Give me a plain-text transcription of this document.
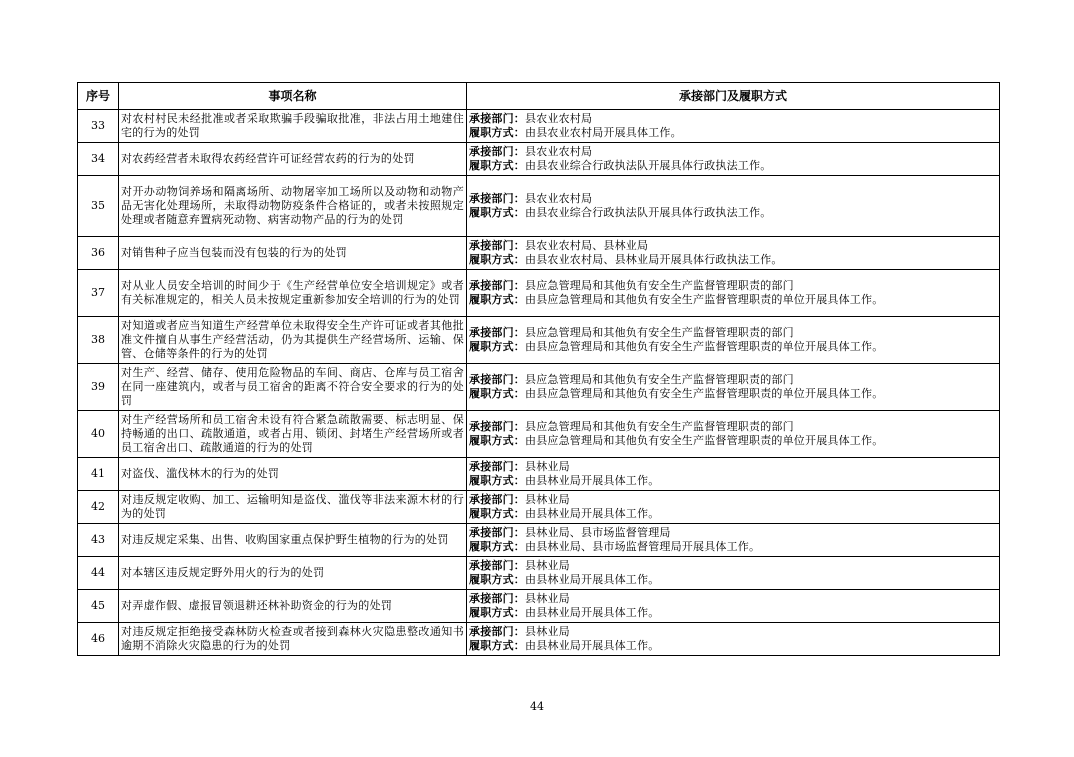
序号	事项名称	承接部门及履职方式
33	对农村村民未经批准或者采取欺骗手段骗取批准，非法占用土地建住宅的行为的处罚	承接部门：县农业农村局
履职方式：由县农业农村局开展具体工作。

34	对农药经营者未取得农药经营许可证经营农药的行为的处罚	承接部门：县农业农村局
履职方式：由县农业综合行政执法队开展具体行政执法工作。

35	对开办动物饲养场和隔离场所、动物屠宰加工场所以及动物和动物产品无害化处理场所，未取得动物防疫条件合格证的，或者未按照规定处理或者随意弃置病死动物、病害动物产品的行为的处罚	承接部门：县农业农村局
履职方式：由县农业综合行政执法队开展具体行政执法工作。

36	对销售种子应当包装而没有包装的行为的处罚	承接部门：县农业农村局、县林业局
履职方式：由县农业农村局、县林业局开展具体行政执法工作。

37	对从业人员安全培训的时间少于《生产经营单位安全培训规定》或者有关标准规定的，相关人员未按规定重新参加安全培训的行为的处罚	承接部门：县应急管理局和其他负有安全生产监督管理职责的部门
履职方式：由县应急管理局和其他负有安全生产监督管理职责的单位开展具体工作。

38	对知道或者应当知道生产经营单位未取得安全生产许可证或者其他批准文件擅自从事生产经营活动，仍为其提供生产经营场所、运输、保管、仓储等条件的行为的处罚	承接部门：县应急管理局和其他负有安全生产监督管理职责的部门
履职方式：由县应急管理局和其他负有安全生产监督管理职责的单位开展具体工作。

39	对生产、经营、储存、使用危险物品的车间、商店、仓库与员工宿舍在同一座建筑内，或者与员工宿舍的距离不符合安全要求的行为的处罚	承接部门：县应急管理局和其他负有安全生产监督管理职责的部门
履职方式：由县应急管理局和其他负有安全生产监督管理职责的单位开展具体工作。

40	对生产经营场所和员工宿舍未设有符合紧急疏散需要、标志明显、保持畅通的出口、疏散通道，或者占用、锁闭、封堵生产经营场所或者员工宿舍出口、疏散通道的行为的处罚	承接部门：县应急管理局和其他负有安全生产监督管理职责的部门
履职方式：由县应急管理局和其他负有安全生产监督管理职责的单位开展具体工作。

41	对盗伐、滥伐林木的行为的处罚	承接部门：县林业局
履职方式：由县林业局开展具体工作。

42	对违反规定收购、加工、运输明知是盗伐、滥伐等非法来源木材的行为的处罚	承接部门：县林业局
履职方式：由县林业局开展具体工作。

43	对违反规定采集、出售、收购国家重点保护野生植物的行为的处罚	承接部门：县林业局、县市场监督管理局
履职方式：由县林业局、县市场监督管理局开展具体工作。

44	对本辖区违反规定野外用火的行为的处罚	承接部门：县林业局
履职方式：由县林业局开展具体工作。

45	对弄虚作假、虚报冒领退耕还林补助资金的行为的处罚	承接部门：县林业局
履职方式：由县林业局开展具体工作。

46	对违反规定拒绝接受森林防火检查或者接到森林火灾隐患整改通知书逾期不消除火灾隐患的行为的处罚	承接部门：县林业局
履职方式：由县林业局开展具体工作。
44
